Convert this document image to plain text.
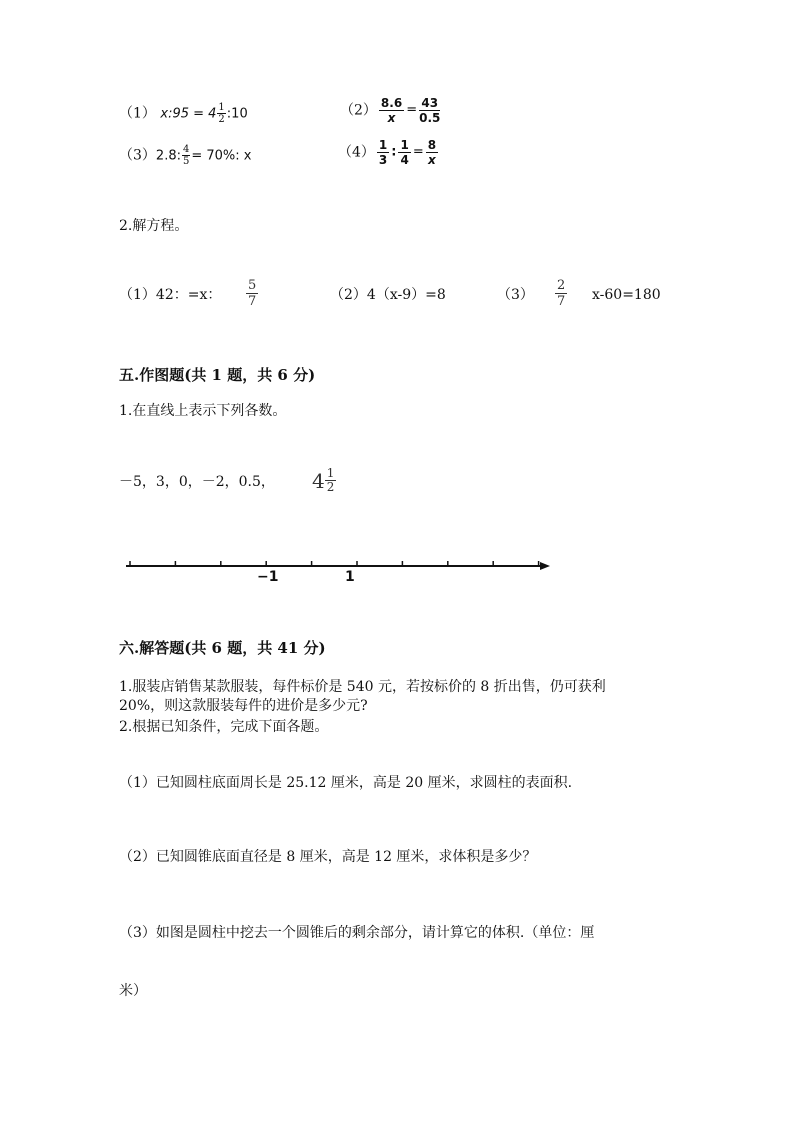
（1） x:95 = $4 \frac{1}{2}$ :10	$(2) \frac{8.6}{x} = \frac{43}{0.5}$
（3）2.8: $\frac{4}{5} = 70\%$: x	$(4) \frac{1}{3}$ : $\frac{1}{4} = \frac{8}{x}$
2.解方程。
（1）42：=x： $\frac{5}{7}$	（2）4（x-9）=8	$(3) \frac{2}{7} x-60=180$
五.作图题(共 1 题，共 6 分)
1.在直线上表示下列各数。
－5，3，0，－2，0.5， $4 \frac{1}{2}$
−1	1
六.解答题(共 6 题，共 41 分)
1.服装店销售某款服装，每件标价是 540 元，若按标价的 8 折出售，仍可获利
20%，则这款服装每件的进价是多少元?
2.根据已知条件，完成下面各题。
（1）已知圆柱底面周长是 25.12 厘米，高是 20 厘米，求圆柱的表面积.
（2）已知圆锥底面直径是 8 厘米，高是 12 厘米，求体积是多少？
（3）如图是圆柱中挖去一个圆锥后的剩余部分，请计算它的体积.（单位：厘
米）
